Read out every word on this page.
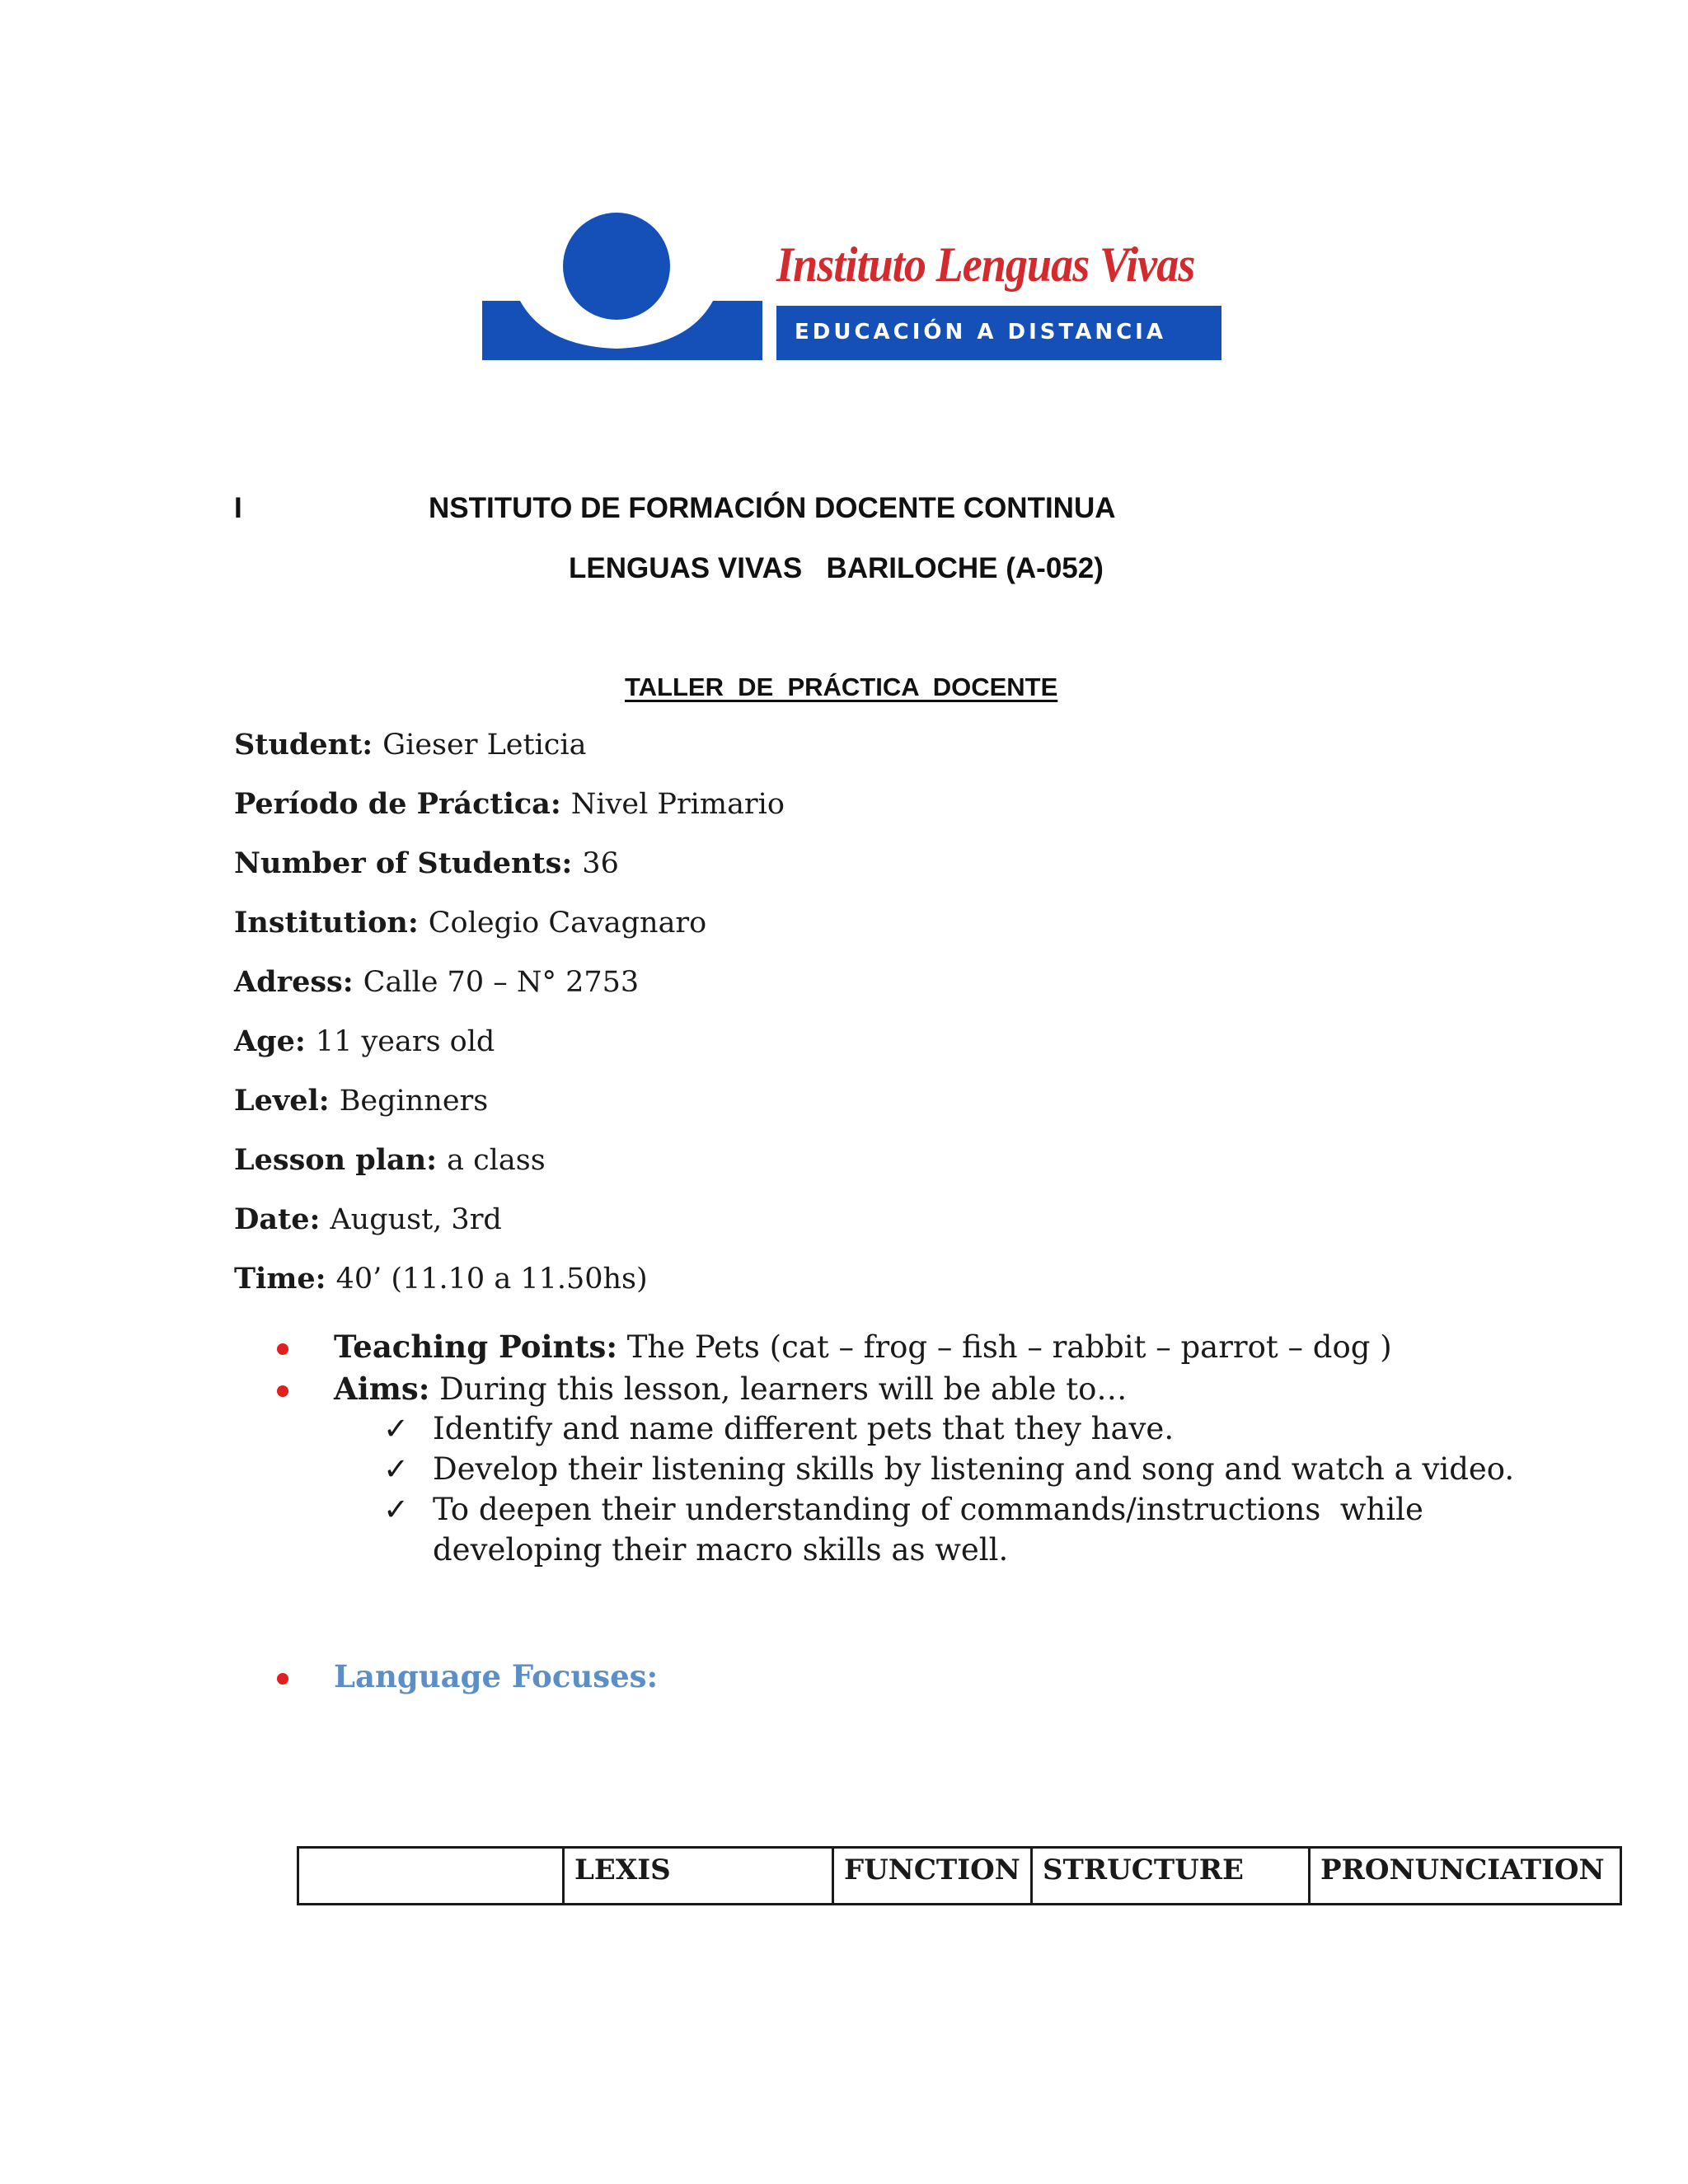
Instituto Lenguas Vivas
EDUCACIÓN A DISTANCIA
I	NSTITUTO DE FORMACIÓN DOCENTE CONTINUA
LENGUAS VIVAS   BARILOCHE (A-052)
TALLER  DE  PRÁCTICA  DOCENTE
Student: Gieser Leticia
Período de Práctica: Nivel Primario
Number of Students: 36
Institution: Colegio Cavagnaro
Adress: Calle 70 – N° 2753
Age: 11 years old
Level: Beginners
Lesson plan: a class
Date: August, 3rd
Time: 40’ (11.10 a 11.50hs)
Teaching Points: The Pets (cat – frog – fish – rabbit – parrot – dog )
Aims: During this lesson, learners will be able to…
✓ Identify and name different pets that they have.
✓ Develop their listening skills by listening and song and watch a video.
✓ To deepen their understanding of commands/instructions  while
developing their macro skills as well.
Language Focuses:
	LEXIS	FUNCTION	STRUCTURE	PRONUNCIATION
